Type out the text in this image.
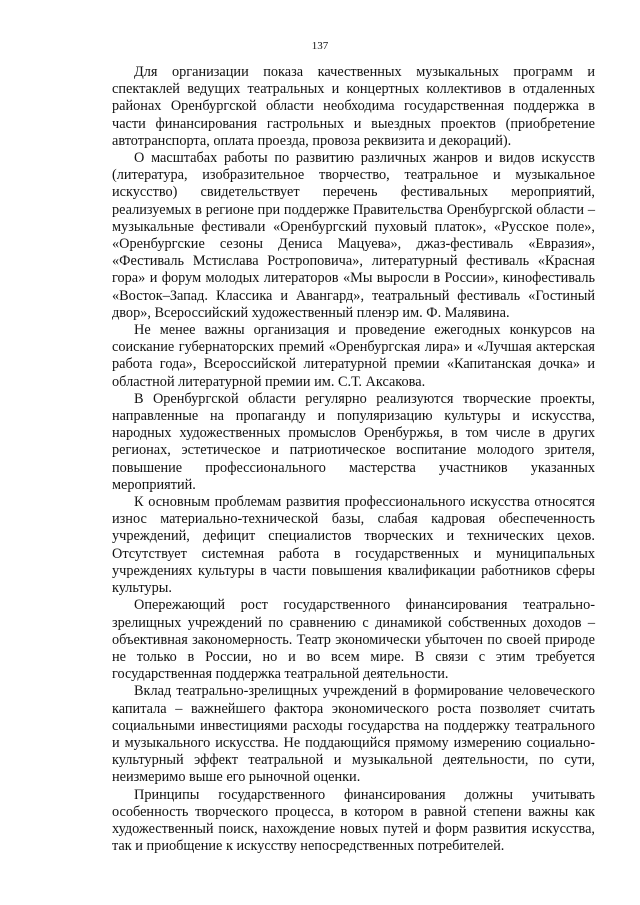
137

Для организации показа качественных музыкальных программ и спектаклей ведущих театральных и концертных коллективов в отдаленных районах Оренбургской области необходима государственная поддержка в части финансирования гастрольных и выездных проектов (приобретение автотранспорта, оплата проезда, провоза реквизита и декораций).

О масштабах работы по развитию различных жанров и видов искусств (литература, изобразительное творчество, театральное и музыкальное искусство) свидетельствует перечень фестивальных мероприятий, реализуемых в регионе при поддержке Правительства Оренбургской области – музыкальные фестивали «Оренбургский пуховый платок», «Русское поле», «Оренбургские сезоны Дениса Мацуева», джаз-фестиваль «Евразия», «Фестиваль Мстислава Ростроповича», литературный фестиваль «Красная гора» и форум молодых литераторов «Мы выросли в России», кинофестиваль «Восток–Запад. Классика и Авангард», театральный фестиваль «Гостиный двор», Всероссийский художественный пленэр им. Ф. Малявина.

Не менее важны организация и проведение ежегодных конкурсов на соискание губернаторских премий «Оренбургская лира» и «Лучшая актерская работа года», Всероссийской литературной премии «Капитанская дочка» и областной литературной премии им. С.Т. Аксакова.

В Оренбургской области регулярно реализуются творческие проекты, направленные на пропаганду и популяризацию культуры и искусства, народных художественных промыслов Оренбуржья, в том числе в других регионах, эстетическое и патриотическое воспитание молодого зрителя, повышение профессионального мастерства участников указанных мероприятий.

К основным проблемам развития профессионального искусства относятся износ материально-технической базы, слабая кадровая обеспеченность учреждений, дефицит специалистов творческих и технических цехов. Отсутствует системная работа в государственных и муниципальных учреждениях культуры в части повышения квалификации работников сферы культуры.

Опережающий рост государственного финансирования театрально-зрелищных учреждений по сравнению с динамикой собственных доходов – объективная закономерность. Театр экономически убыточен по своей природе не только в России, но и во всем мире. В связи с этим требуется государственная поддержка театральной деятельности.

Вклад театрально-зрелищных учреждений в формирование человеческого капитала – важнейшего фактора экономического роста позволяет считать социальными инвестициями расходы государства на поддержку театрального и музыкального искусства. Не поддающийся прямому измерению социально-культурный эффект театральной и музыкальной деятельности, по сути, неизмеримо выше его рыночной оценки.

Принципы государственного финансирования должны учитывать особенность творческого процесса, в котором в равной степени важны как художественный поиск, нахождение новых путей и форм развития искусства, так и приобщение к искусству непосредственных потребителей.
